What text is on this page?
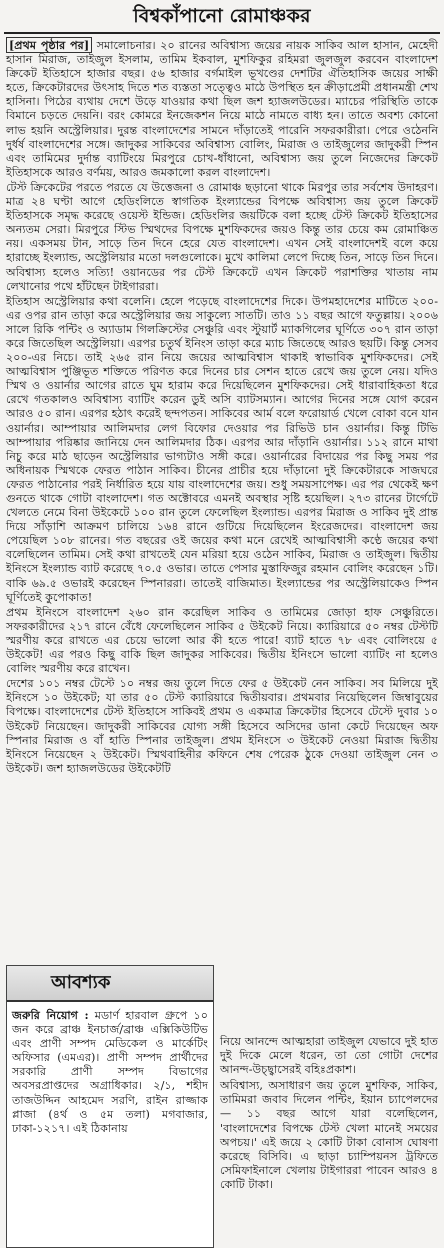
বিশ্বকাঁপানো রোমাঞ্চকর

[প্রথম পৃষ্ঠার পর] সমালোচনার। ২০ রানের অবিশ্বাস্য জয়ের নায়ক সাকিব আল হাসান, মেহেদী হাসান মিরাজ, তাইজুল ইসলাম, তামিম ইকবাল, মুশফিকুর রহিমরা জুলজুল করবেন বাংলাদেশ ক্রিকেট ইতিহাসে হাজার বছর। ৫৬ হাজার বর্গমাইল ভূখণ্ডের দেশটির ঐতিহাসিক জয়ের সাক্ষী হতে, ক্রিকেটারদের উৎসাহ দিতে শত ব্যস্ততা সত্ত্বেও মাঠে উপস্থিত হন ক্রীড়াপ্রেমী প্রধানমন্ত্রী শেখ হাসিনা। পিঠের ব্যথায় দেশে উড়ে যাওয়ার কথা ছিল জশ হ্যাজলউডের। ম্যাচের পরিস্থিতি তাকে বিমানে চড়তে দেয়নি। বরং কোমরে ইনজেকশন নিয়ে মাঠে নামতে বাধ্য হন। তাতে অবশ্য কোনো লাভ হয়নি অস্ট্রেলিয়ার। দুরন্ত বাংলাদেশের সামনে দাঁড়াতেই পারেনি সফরকারীরা। পেরে ওঠেননি দুর্ধর্ষ বাংলাদেশের সঙ্গে। জাদুকর সাকিবের অবিশ্বাস্য বোলিং, মিরাজ ও তাইজুলের জাদুকরী স্পিন এবং তামিমের দুর্দান্ত ব্যাটিংয়ে মিরপুরে চোখ-ধাঁধানো, অবিশ্বাস্য জয় তুলে নিজেদের ক্রিকেট ইতিহাসকে আরও বর্ণময়, আরও জমকালো করল বাংলাদেশ।

টেস্ট ক্রিকেটের পরতে পরতে যে উত্তেজনা ও রোমাঞ্চ ছড়ানো থাকে মিরপুর তার সর্বশেষ উদাহরণ। মাত্র ২৪ ঘণ্টা আগে হেডিংলিতে স্বাগতিক ইংল্যান্ডের বিপক্ষে অবিশ্বাস্য জয় তুলে ক্রিকেট ইতিহাসকে সমৃদ্ধ করেছে ওয়েস্ট ইন্ডিজ। হেডিংলির জয়টিকে বলা হচ্ছে টেস্ট ক্রিকেট ইতিহাসের অন্যতম সেরা। মিরপুরে স্টিভ স্মিথদের বিপক্ষে মুশফিকদের জয়ও কিন্তু তার চেয়ে কম রোমাঞ্চিত নয়। একসময় টান, সাড়ে তিন দিনে হেরে যেত বাংলাদেশ। এখন সেই বাংলাদেশই বলে কয়ে হারাচ্ছে ইংল্যান্ড, অস্ট্রেলিয়ার মতো দলগুলোকে। মুখে কালিমা লেপে দিচ্ছে তিন, সাড়ে তিন দিনে। অবিশ্বাস্য হলেও সত্যি! ওয়ানডের পর টেস্ট ক্রিকেটে এখন ক্রিকেট পরাশক্তির খাতায় নাম লেখানোর পথে হাঁটছেন টাইগাররা।

ইতিহাস অস্ট্রেলিয়ার কথা বলেনি। হেলে পড়েছে বাংলাদেশের দিকে। উপমহাদেশের মাটিতে ২০০-এর ওপর রান তাড়া করে অস্ট্রেলিয়ার জয় সাকুল্যে সাতটি। তাও ১১ বছর আগে ফতুল্লায়। ২০০৬ সালে রিকি পন্টিং ও অ্যাডাম গিলক্রিস্টের সেঞ্চুরি এবং স্টুয়ার্ট ম্যাকগিলের ঘূর্ণিতে ৩০৭ রান তাড়া করে জিতেছিল অস্ট্রেলিয়া। এরপর চতুর্থ ইনিংস তাড়া করে ম্যাচ জিতেছে আরও ছয়টি। কিন্তু সেসব ২০০-এর নিচে। তাই ২৬৫ রান নিয়ে জয়ের আত্মবিশ্বাস থাকাই স্বাভাবিক মুশফিকদের। সেই আত্মবিশ্বাস পুঞ্জিভূত শক্তিতে পরিণত করে দিনের চার সেশন হাতে রেখে জয় তুলে নেয়। যদিও স্মিথ ও ওয়ার্নার আগের রাতে ঘুম হারাম করে দিয়েছিলেন মুশফিকদের। সেই ধারাবাহিকতা ধরে রেখে গতকালও অবিশ্বাস্য ব্যাটিং করেন ডুই অসি ব্যাটসম্যান। আগের দিনের সঙ্গে যোগ করেন আরও ৫০ রান। এরপর হঠাৎ করেই ছন্দপতন। সাকিবের আর্ম বলে ফরোয়ার্ড খেলে বোকা বনে যান ওয়ার্নার। আম্পায়ার আলিমদার লেগ বিফোর দেওয়ার পর রিভিউ চান ওয়ার্নার। কিন্তু টিভি আম্পায়ার পরিষ্কার জানিয়ে দেন আলিমদার ঠিক। এরপর আর দাঁড়ানি ওয়ার্নার। ১১২ রানে মাথা নিচু করে মাঠ ছাড়েন অস্ট্রেলিয়ার ভাগ্যটাও সঙ্গী করে। ওয়ার্নারের বিদায়ের পর কিছু সময় পর অধিনায়ক স্মিথকে ফেরত পাঠান সাকিব। চীনের প্রাচীর হয়ে দাঁড়ানো দুই ক্রিকেটারকে সাজঘরে ফেরত পাঠানোর পরই নির্ধারিত হয়ে যায় বাংলাদেশের জয়। শুধু সময়সাপেক্ষ। এর পর থেকেই ক্ষণ গুনতে থাকে গোটা বাংলাদেশ। গত অক্টোবরে এমনই অবস্থার সৃষ্টি হয়েছিল। ২৭৩ রানের টার্গেটে খেলতে নেমে বিনা উইকেটে ১০০ রান তুলে ফেলেছিল ইংল্যান্ড। এরপর মিরাজ ও সাকিব দুই প্রান্ত দিয়ে সাঁড়াশি আক্রমণ চালিয়ে ১৬৪ রানে গুটিয়ে দিয়েছিলেন ইংরেজদের। বাংলাদেশ জয় পেয়েছিল ১০৮ রানের। গত বছরের ওই জয়ের কথা মনে রেখেই আত্মবিশ্বাসী কণ্ঠে জয়ের কথা বলেছিলেন তামিম। সেই কথা রাখতেই যেন মরিয়া হয়ে ওঠেন সাকিব, মিরাজ ও তাইজুল। দ্বিতীয় ইনিংসে ইংল্যান্ড ব্যাট করেছে ৭০.৫ ওভার। তাতে পেসার মুস্তাফিজুর রহমান বোলিং করেছেন ১টি। বাকি ৬৯.৫ ওভারই করেছেন স্পিনাররা। তাতেই বাজিমাত। ইংল্যান্ডের পর অস্ট্রেলিয়াকেও স্পিন ঘূর্ণিতেই কুপোকাত!

প্রথম ইনিংসে বাংলাদেশ ২৬০ রান করেছিল সাকিব ও তামিমের জোড়া হাফ সেঞ্চুরিতে। সফরকারীদের ২১৭ রানে বেঁধে ফেলেছিলেন সাকিব ৫ উইকেট নিয়ে। ক্যারিয়ারে ৫০ নম্বর টেস্টটি স্মরণীয় করে রাখতে এর চেয়ে ভালো আর কী হতে পারে! ব্যাট হাতে ৭৮ এবং বোলিংয়ে ৫ উইকেট! এর পরও কিছু বাকি ছিল জাদুকর সাকিবের। দ্বিতীয় ইনিংসে ভালো ব্যাটিং না হলেও বোলিং স্মরণীয় করে রাখেন।

দেশের ১০১ নম্বর টেস্টে ১০ নম্বর জয় তুলে দিতে ফের ৫ উইকেট নেন সাকিব। সব মিলিয়ে দুই ইনিংসে ১০ উইকেট; যা তার ৫০ টেস্ট ক্যারিয়ারে দ্বিতীয়বার। প্রথমবার নিয়েছিলেন জিম্বাবুয়ের বিপক্ষে। বাংলাদেশের টেস্ট ইতিহাসে সাকিবই প্রথম ও একমাত্র ক্রিকেটার হিসেবে টেস্টে দুবার ১০ উইকেট নিয়েছেন। জাদুকরী সাকিবের যোগ্য সঙ্গী হিসেবে অসিদের ডানা কেটে দিয়েছেন অফ স্পিনার মিরাজ ও বাঁ হাতি স্পিনার তাইজুল। প্রথম ইনিংসে ৩ উইকেট নেওয়া মিরাজ দ্বিতীয় ইনিংসে নিয়েছেন ২ উইকেট। স্মিথবাহিনীর কফিনে শেষ পেরেক ঠুকে দেওয়া তাইজুল নেন ৩ উইকেট। জশ হ্যাজলউডের উইকেটটি

নিয়ে আনন্দে আত্মহারা তাইজুল যেভাবে দুই হাত দুই দিকে মেলে ধরেন, তা তো গোটা দেশের আনন্দ-উচ্ছ্বাসেরই বহিঃপ্রকাশ।

অবিশ্বাস্য, অসাধারণ জয় তুলে মুশফিক, সাকিব, তামিমরা জবাব দিলেন পন্টিং, ইয়ান চ্যাপেলদের— ১১ বছর আগে যারা বলেছিলেন, 'বাংলাদেশের বিপক্ষে টেস্ট খেলা মানেই সময়ের অপচয়।' এই জয়ে ২ কোটি টাকা বোনাস ঘোষণা করেছে বিসিবি। এ ছাড়া চ্যাম্পিয়নস ট্রফিতে সেমিফাইনালে খেলায় টাইগাররা পাবেন আরও ৪ কোটি টাকা।

আবশ্যক
জরুরি নিয়োগ : মডার্ণ হারবাল গ্রুপে ১০ জন করে ব্রাঞ্চ ইনচার্জ/ব্রাঞ্চ এক্সিকিউটিভ এবং প্রাণী সম্পদ মেডিকেল ও মার্কেটিং অফিসার (এমএর)। প্রাণী সম্পদ প্রার্থীদের সরকারি প্রাণী সম্পদ বিভাগের অবসরপ্রাপ্তদের অগ্রাধিকার। ২/১, শহীদ তাজউদ্দিন আহমেদ সরণি, রাইন রাজ্জাক প্লাজা (৪র্থ ও ৫ম তলা) মগবাজার, ঢাকা-১২১৭। এই ঠিকানায়
